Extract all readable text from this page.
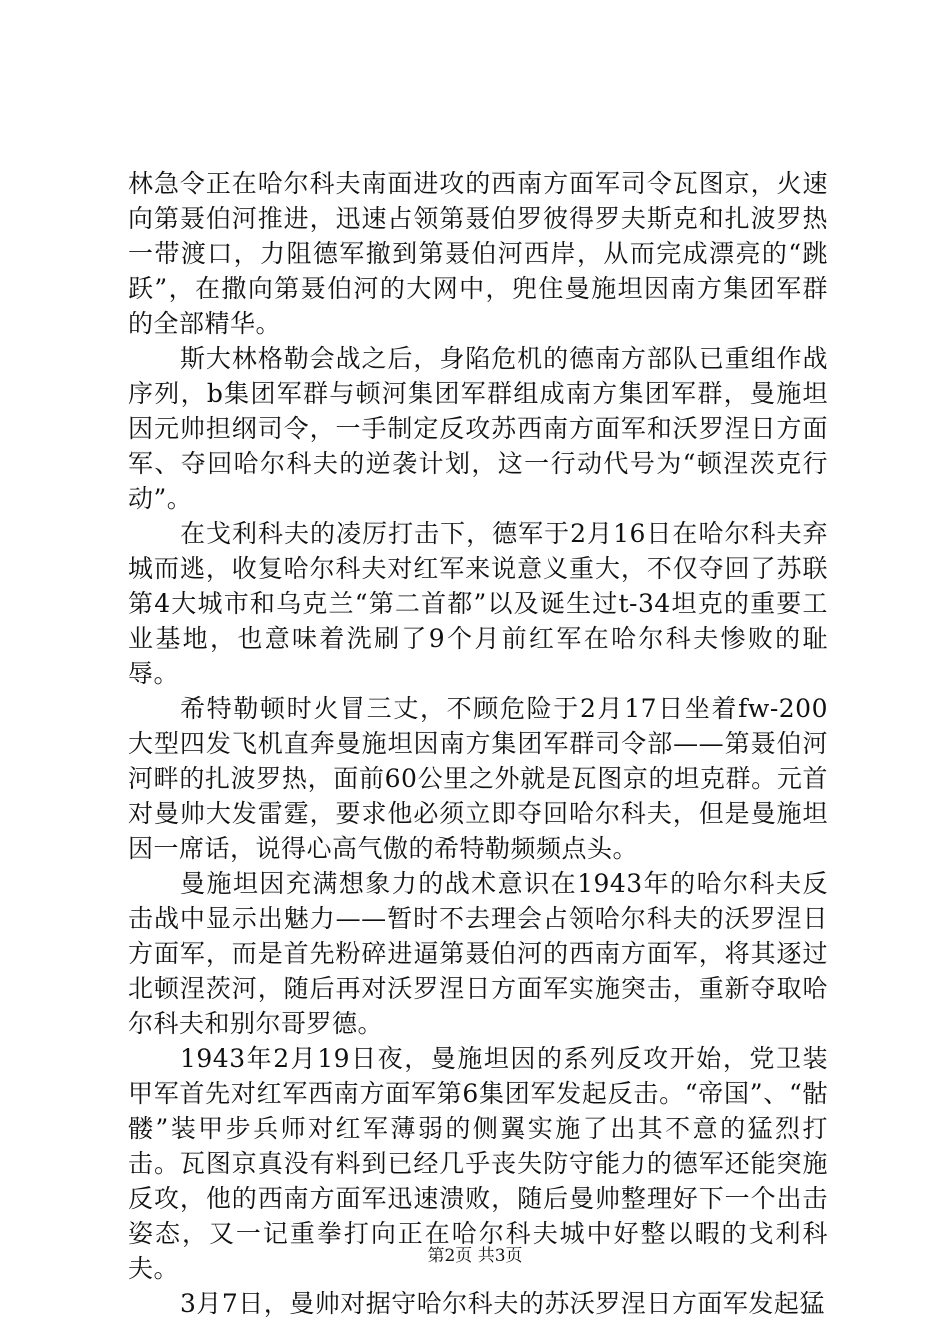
林急令正在哈尔科夫南面进攻的西南方面军司令瓦图京，火速向第聂伯河推进，迅速占领第聂伯罗彼得罗夫斯克和扎波罗热一带渡口，力阻德军撤到第聂伯河西岸，从而完成漂亮的“跳跃”，在撒向第聂伯河的大网中，兜住曼施坦因南方集团军群的全部精华。

斯大林格勒会战之后，身陷危机的德南方部队已重组作战序列，b集团军群与顿河集团军群组成南方集团军群，曼施坦因元帅担纲司令，一手制定反攻苏西南方面军和沃罗涅日方面军、夺回哈尔科夫的逆袭计划，这一行动代号为“顿涅茨克行动”。

在戈利科夫的凌厉打击下，德军于2月16日在哈尔科夫弃城而逃，收复哈尔科夫对红军来说意义重大，不仅夺回了苏联第4大城市和乌克兰“第二首都”以及诞生过t-34坦克的重要工业基地，也意味着洗刷了9个月前红军在哈尔科夫惨败的耻辱。

希特勒顿时火冒三丈，不顾危险于2月17日坐着fw-200大型四发飞机直奔曼施坦因南方集团军群司令部——第聂伯河河畔的扎波罗热，面前60公里之外就是瓦图京的坦克群。元首对曼帅大发雷霆，要求他必须立即夺回哈尔科夫，但是曼施坦因一席话，说得心高气傲的希特勒频频点头。

曼施坦因充满想象力的战术意识在1943年的哈尔科夫反击战中显示出魅力——暂时不去理会占领哈尔科夫的沃罗涅日方面军，而是首先粉碎进逼第聂伯河的西南方面军，将其逐过北顿涅茨河，随后再对沃罗涅日方面军实施突击，重新夺取哈尔科夫和别尔哥罗德。

1943年2月19日夜，曼施坦因的系列反攻开始，党卫装甲军首先对红军西南方面军第6集团军发起反击。“帝国”、“骷髅”装甲步兵师对红军薄弱的侧翼实施了出其不意的猛烈打击。瓦图京真没有料到已经几乎丧失防守能力的德军还能突施反攻，他的西南方面军迅速溃败，随后曼帅整理好下一个出击姿态，又一记重拳打向正在哈尔科夫城中好整以暇的戈利科夫。

3月7日，曼帅对据守哈尔科夫的苏沃罗涅日方面军发起猛

第2页 共3页
